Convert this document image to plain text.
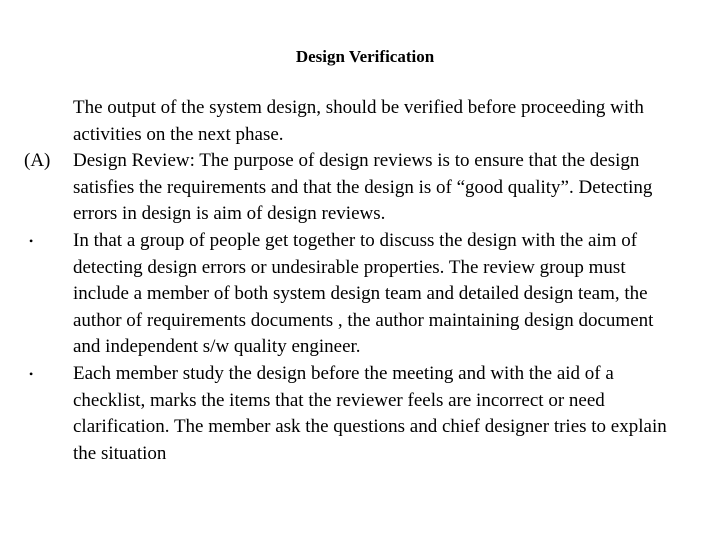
Design Verification

The output of the system design, should be verified before proceeding with activities on the next phase.

(A)	Design Review: The purpose of design reviews is to ensure that the design satisfies the requirements and that the design is of “good quality”. Detecting errors in design is aim of design reviews.

•	In that a group of people get together to discuss the design with the aim of detecting design errors or undesirable properties. The review group must include a member of both system design team and detailed design team, the author of requirements documents , the author maintaining design document and independent s/w quality engineer.

•	Each member study the design before the meeting and with the aid of a checklist, marks the items that the reviewer feels are incorrect or need clarification. The member ask the questions and chief designer tries to explain the situation
